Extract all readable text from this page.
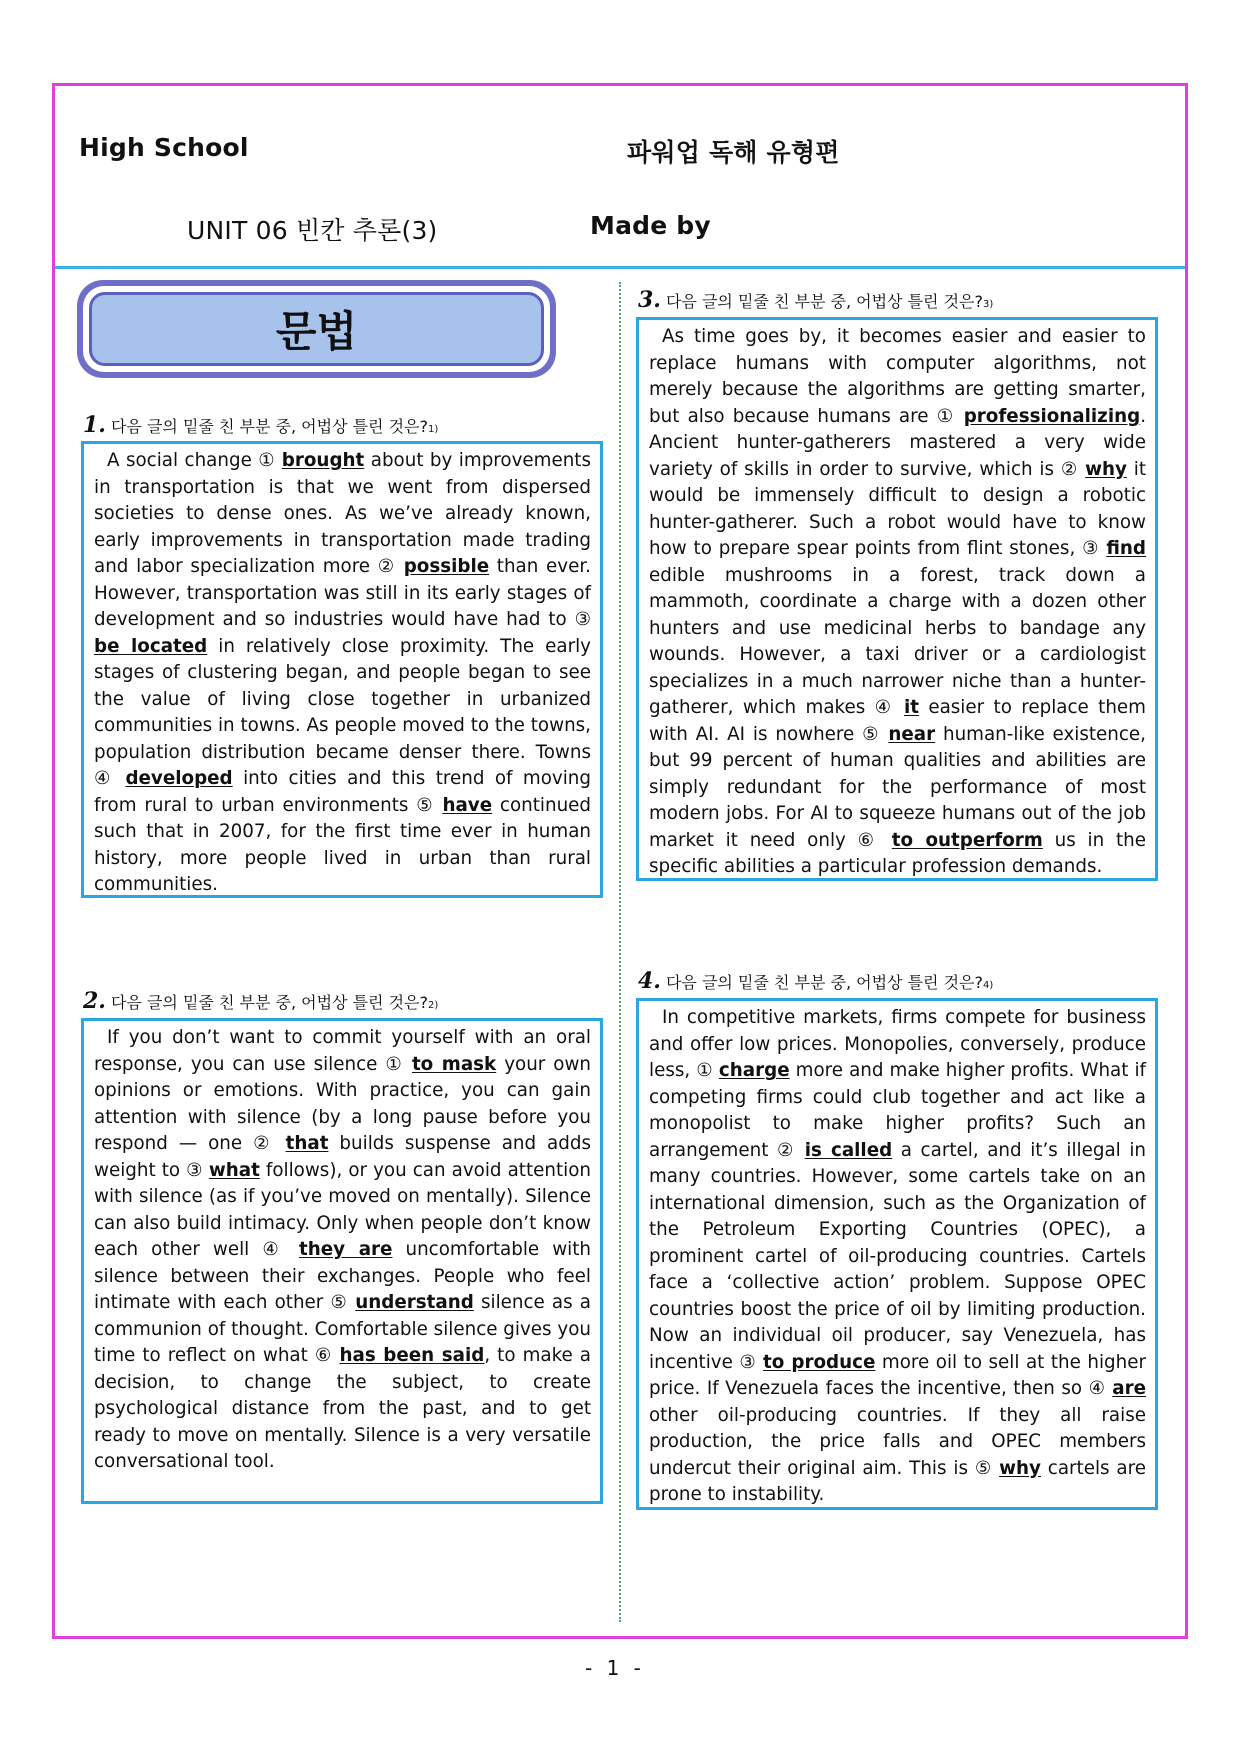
High School	파워업 독해 유형편
UNIT 06 빈칸 추론(3)	Made by
문법
1. 다음 글의 밑줄 친 부분 중, 어법상 틀린 것은$?_{1)}$

A social change ① brought about by improvements in transportation is that we went from dispersed societies to dense ones. As we’ve already known, early improvements in transportation made trading and labor specialization more ② possible than ever. However, transportation was still in its early stages of development and so industries would have had to ③ be located in relatively close proximity. The early stages of clustering began, and people began to see the value of living close together in urbanized communities in towns. As people moved to the towns, population distribution became denser there. Towns ④ developed into cities and this trend of moving from rural to urban environments ⑤ have continued such that in 2007, for the first time ever in human history, more people lived in urban than rural communities.

2. 다음 글의 밑줄 친 부분 중, 어법상 틀린 것은$?_{2)}$

If you don’t want to commit yourself with an oral response, you can use silence ① to mask your own opinions or emotions. With practice, you can gain attention with silence (by a long pause before you respond — one ② that builds suspense and adds weight to ③ what follows), or you can avoid attention with silence (as if you’ve moved on mentally). Silence can also build intimacy. Only when people don’t know each other well ④ they are uncomfortable with silence between their exchanges. People who feel intimate with each other ⑤ understand silence as a communion of thought. Comfortable silence gives you time to reflect on what ⑥ has been said, to make a decision, to change the subject, to create psychological distance from the past, and to get ready to move on mentally. Silence is a very versatile conversational tool.

3. 다음 글의 밑줄 친 부분 중, 어법상 틀린 것은$?_{3)}$

As time goes by, it becomes easier and easier to replace humans with computer algorithms, not merely because the algorithms are getting smarter, but also because humans are ① professionalizing. Ancient hunter-gatherers mastered a very wide variety of skills in order to survive, which is ② why it would be immensely difficult to design a robotic hunter-gatherer. Such a robot would have to know how to prepare spear points from flint stones, ③ find edible mushrooms in a forest, track down a mammoth, coordinate a charge with a dozen other hunters and use medicinal herbs to bandage any wounds. However, a taxi driver or a cardiologist specializes in a much narrower niche than a hunter-gatherer, which makes ④ it easier to replace them with AI. AI is nowhere ⑤ near human-like existence, but 99 percent of human qualities and abilities are simply redundant for the performance of most modern jobs. For AI to squeeze humans out of the job market it need only ⑥ to outperform us in the specific abilities a particular profession demands.

4. 다음 글의 밑줄 친 부분 중, 어법상 틀린 것은$?_{4)}$

In competitive markets, firms compete for business and offer low prices. Monopolies, conversely, produce less, ① charge more and make higher profits. What if competing firms could club together and act like a monopolist to make higher profits? Such an arrangement ② is called a cartel, and it’s illegal in many countries. However, some cartels take on an international dimension, such as the Organization of the Petroleum Exporting Countries (OPEC), a prominent cartel of oil-producing countries. Cartels face a ‘collective action’ problem. Suppose OPEC countries boost the price of oil by limiting production. Now an individual oil producer, say Venezuela, has incentive ③ to produce more oil to sell at the higher price. If Venezuela faces the incentive, then so ④ are other oil-producing countries. If they all raise production, the price falls and OPEC members undercut their original aim. This is ⑤ why cartels are prone to instability.

- 1 -
